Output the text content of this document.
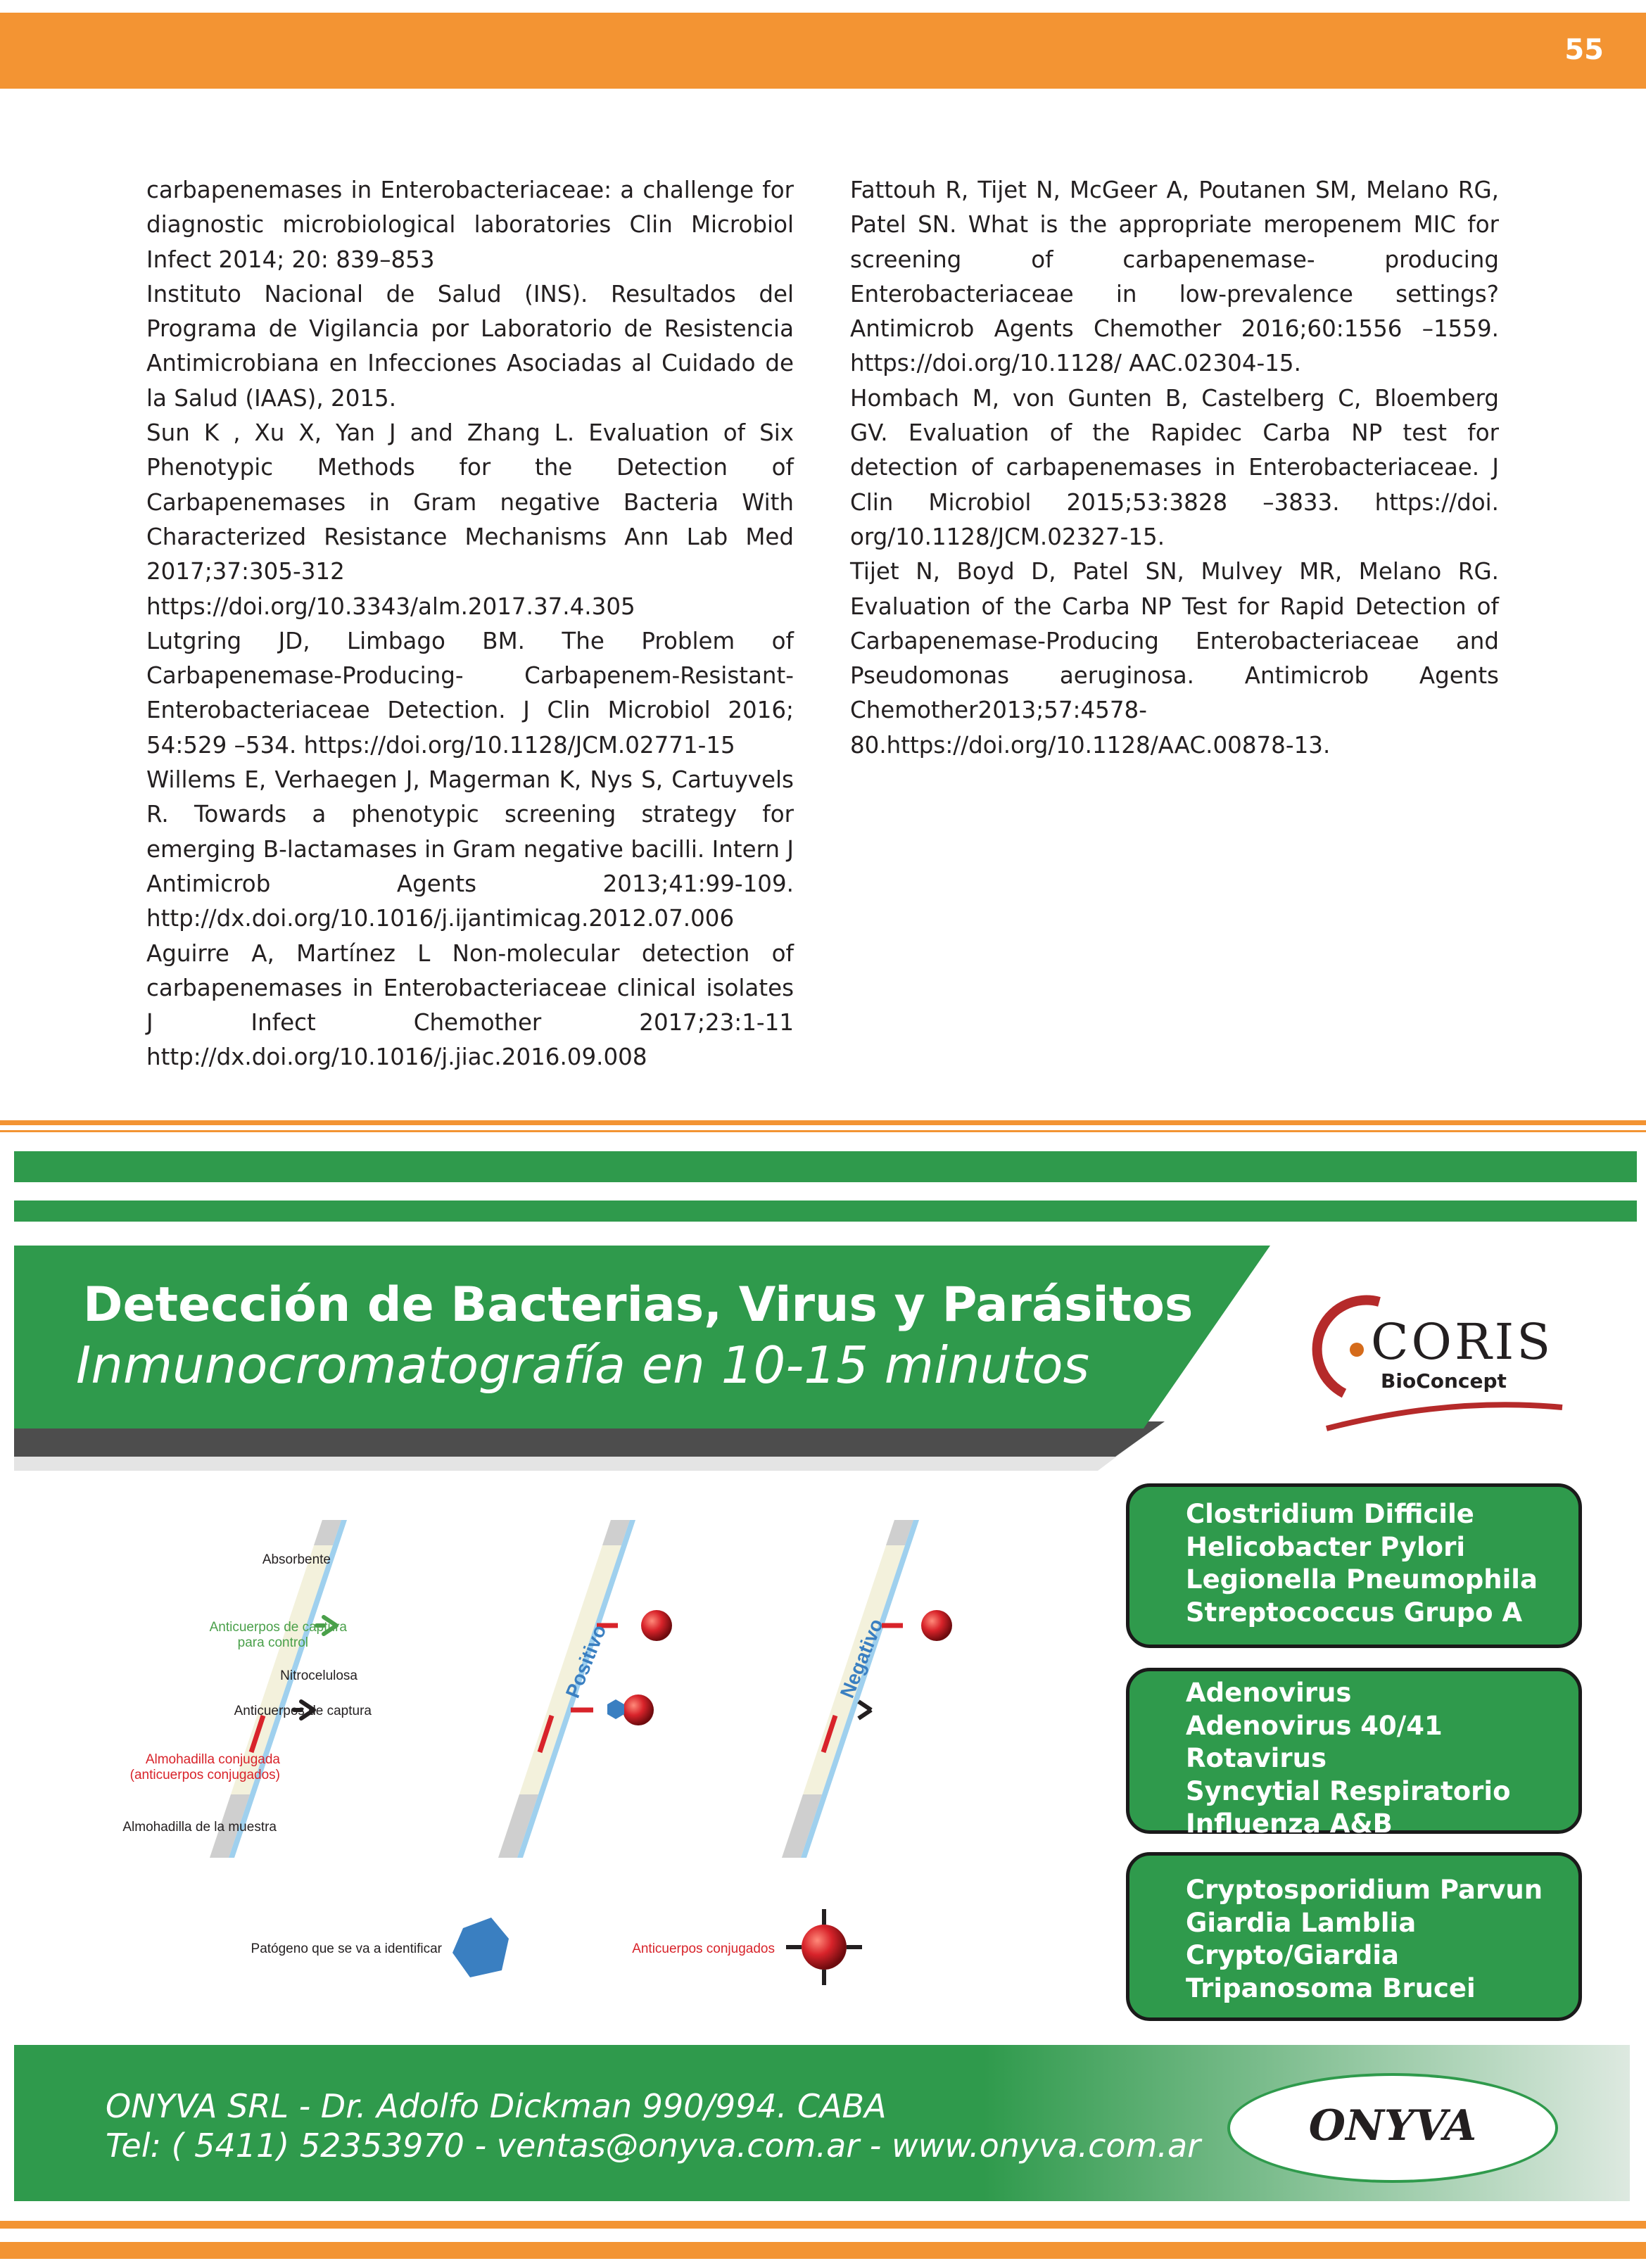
55

carbapenemases in Enterobacteriaceae: a challenge for diagnostic microbiological laboratories Clin Microbiol Infect 2014; 20: 839–853

Instituto Nacional de Salud (INS). Resultados del Programa de Vigilancia por Laboratorio de Resistencia Antimicrobiana en Infecciones Asociadas al Cuidado de la Salud (IAAS), 2015.

Sun K , Xu X, Yan J and Zhang L. Evaluation of Six Phenotypic Methods for the Detection of Carbapenemases in Gram negative Bacteria With Characterized Resistance Mechanisms Ann Lab Med 2017;37:305-312 https://doi.org/10.3343/alm.2017.37.4.305

Lutgring JD, Limbago BM. The Problem of Carbapenemase-Producing- Carbapenem-Resistant-Enterobacteriaceae Detection. J Clin Microbiol 2016; 54:529 –534. https://doi.org/10.1128/JCM.02771-15

Willems E, Verhaegen J, Magerman K, Nys S, Cartuyvels R. Towards a phenotypic screening strategy for emerging B-lactamases in Gram negative bacilli. Intern J Antimicrob Agents 2013;41:99-109. http://dx.doi.org/10.1016/j.ijantimicag.2012.07.006

Aguirre A, Martínez L Non-molecular detection of carbapenemases in Enterobacteriaceae clinical isolates J Infect Chemother 2017;23:1-11 http://dx.doi.org/10.1016/j.jiac.2016.09.008

Fattouh R, Tijet N, McGeer A, Poutanen SM, Melano RG, Patel SN. What is the appropriate meropenem MIC for screening of carbapenemase- producing Enterobacteriaceae in low-prevalence settings? Antimicrob Agents Chemother 2016;60:1556 –1559. https://doi.org/10.1128/ AAC.02304-15.

Hombach M, von Gunten B, Castelberg C, Bloemberg GV. Evaluation of the Rapidec Carba NP test for detection of carbapenemases in Enterobacteriaceae. J Clin Microbiol 2015;53:3828 –3833. https://doi. org/10.1128/JCM.02327-15.

Tijet N, Boyd D, Patel SN, Mulvey MR, Melano RG. Evaluation of the Carba NP Test for Rapid Detection of Carbapenemase-Producing Enterobacteriaceae and Pseudomonas aeruginosa. Antimicrob Agents Chemother2013;57:4578-80.https://doi.org/10.1128/AAC.00878-13.

Detección de Bacterias, Virus y Parásitos
Inmunocromatografía en 10-15 minutos	CORIS
BioConcept
Absorbente
Anticuerpos de captura
para control
Nitrocelulosa
Anticuerpos de captura
Almohadilla conjugada
(anticuerpos conjugados)
Almohadilla de la muestra
Positivo	Negativo
Patógeno que se va a identificar	Anticuerpos conjugados
Clostridium Difficile
Helicobacter Pylori
Legionella Pneumophila
Streptococcus Grupo A
Adenovirus
Adenovirus 40/41
Rotavirus
Syncytial Respiratorio
Influenza A&B
Cryptosporidium Parvun
Giardia Lamblia
Crypto/Giardia
Tripanosoma Brucei
ONYVA SRL - Dr. Adolfo Dickman 990/994. CABA
Tel: ( 5411) 52353970 - ventas@onyva.com.ar - www.onyva.com.ar	ONYVA
